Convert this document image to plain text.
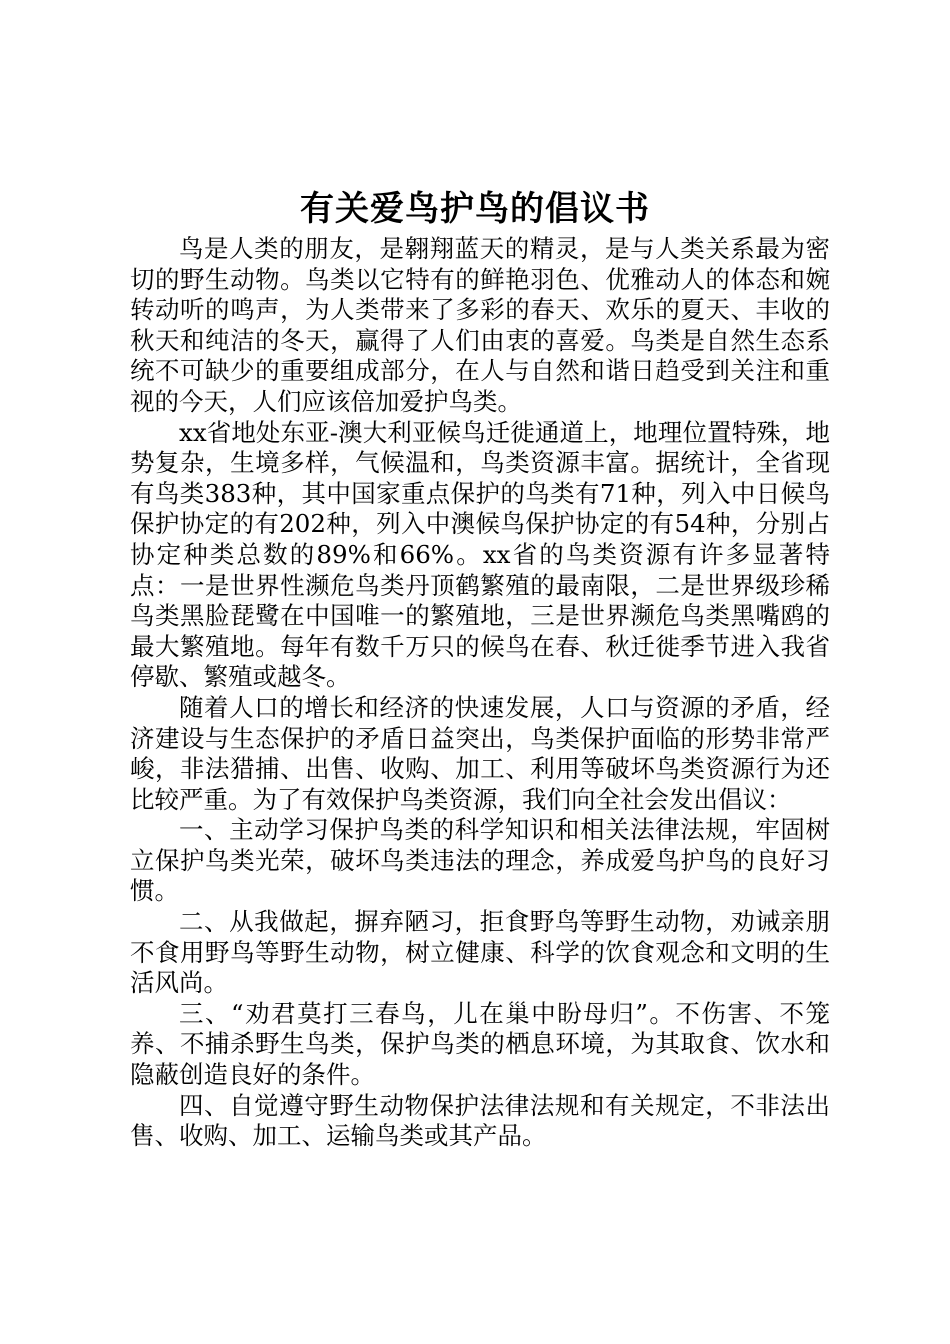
有关爱鸟护鸟的倡议书

鸟是人类的朋友，是翱翔蓝天的精灵，是与人类关系最为密切的野生动物。鸟类以它特有的鲜艳羽色、优雅动人的体态和婉转动听的鸣声，为人类带来了多彩的春天、欢乐的夏天、丰收的秋天和纯洁的冬天，赢得了人们由衷的喜爱。鸟类是自然生态系统不可缺少的重要组成部分，在人与自然和谐日趋受到关注和重视的今天，人们应该倍加爱护鸟类。

xx省地处东亚-澳大利亚候鸟迁徙通道上，地理位置特殊，地势复杂，生境多样，气候温和，鸟类资源丰富。据统计，全省现有鸟类383种，其中国家重点保护的鸟类有71种，列入中日候鸟保护协定的有202种，列入中澳候鸟保护协定的有54种，分别占协定种类总数的89%和66%。xx省的鸟类资源有许多显著特点：一是世界性濒危鸟类丹顶鹤繁殖的最南限，二是世界级珍稀鸟类黑脸琵鹭在中国唯一的繁殖地，三是世界濒危鸟类黑嘴鸥的最大繁殖地。每年有数千万只的候鸟在春、秋迁徙季节进入我省停歇、繁殖或越冬。

随着人口的增长和经济的快速发展，人口与资源的矛盾，经济建设与生态保护的矛盾日益突出，鸟类保护面临的形势非常严峻，非法猎捕、出售、收购、加工、利用等破坏鸟类资源行为还比较严重。为了有效保护鸟类资源，我们向全社会发出倡议：

一、主动学习保护鸟类的科学知识和相关法律法规，牢固树立保护鸟类光荣，破坏鸟类违法的理念，养成爱鸟护鸟的良好习惯。

二、从我做起，摒弃陋习，拒食野鸟等野生动物，劝诫亲朋不食用野鸟等野生动物，树立健康、科学的饮食观念和文明的生活风尚。

三、“劝君莫打三春鸟，儿在巢中盼母归”。不伤害、不笼养、不捕杀野生鸟类，保护鸟类的栖息环境，为其取食、饮水和隐蔽创造良好的条件。

四、自觉遵守野生动物保护法律法规和有关规定，不非法出售、收购、加工、运输鸟类或其产品。
